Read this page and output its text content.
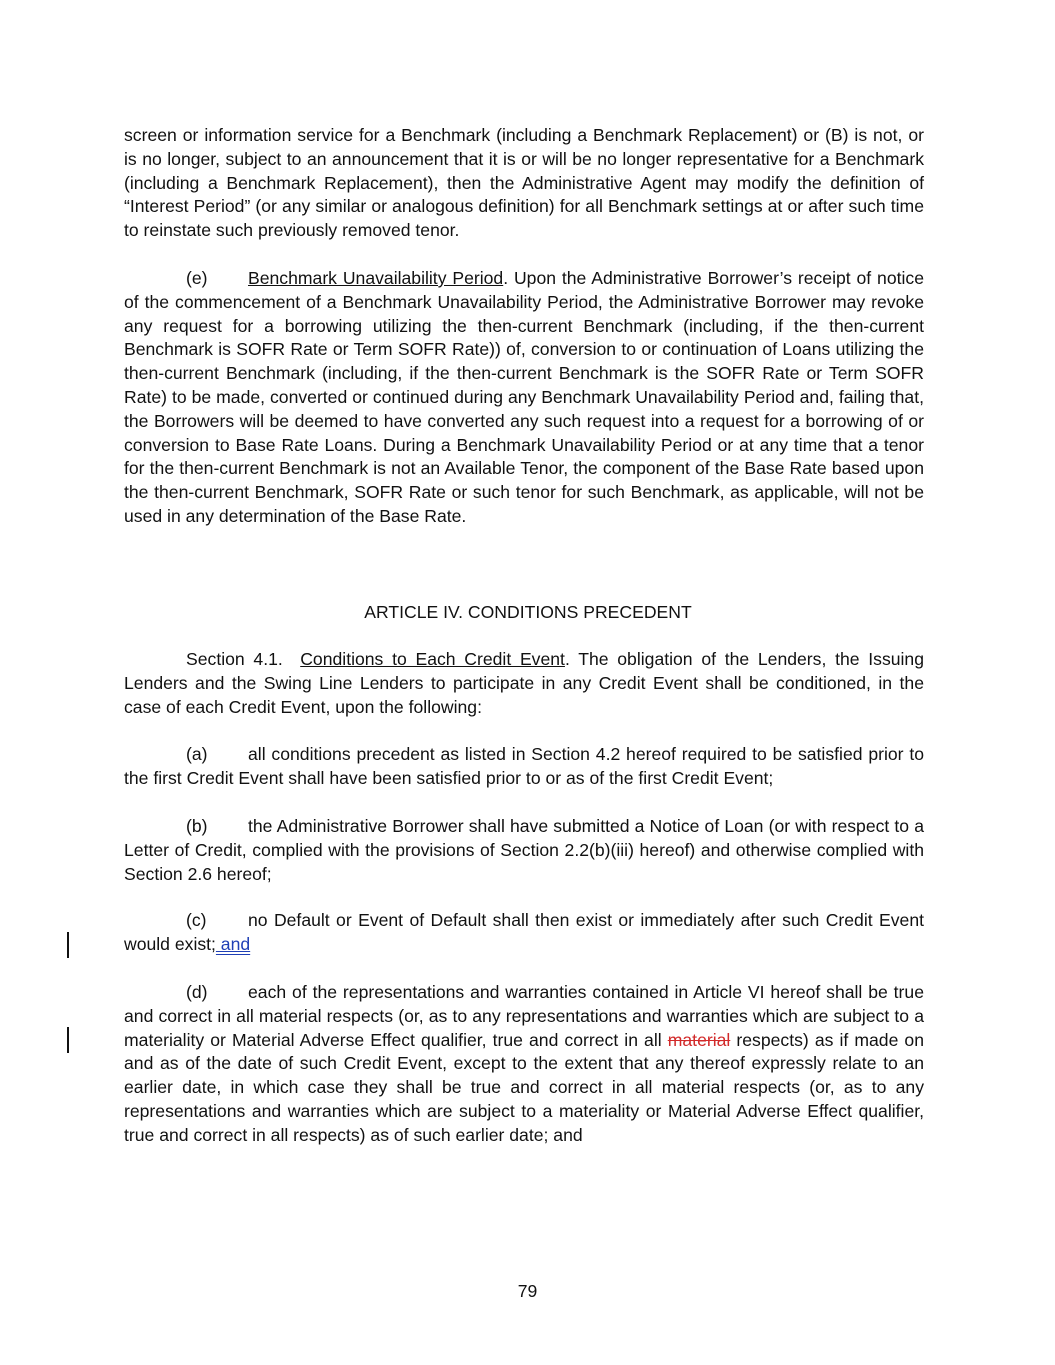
screen or information service for a Benchmark (including a Benchmark Replacement) or (B) is not, or is no longer, subject to an announcement that it is or will be no longer representative for a Benchmark (including a Benchmark Replacement), then the Administrative Agent may modify the definition of “Interest Period” (or any similar or analogous definition) for all Benchmark settings at or after such time to reinstate such previously removed tenor.

(e) Benchmark Unavailability Period. Upon the Administrative Borrower’s receipt of notice of the commencement of a Benchmark Unavailability Period, the Administrative Borrower may revoke any request for a borrowing utilizing the then-current Benchmark (including, if the then-current Benchmark is SOFR Rate or Term SOFR Rate)) of, conversion to or continuation of Loans utilizing the then-current Benchmark (including, if the then-current Benchmark is the SOFR Rate or Term SOFR Rate) to be made, converted or continued during any Benchmark Unavailability Period and, failing that, the Borrowers will be deemed to have converted any such request into a request for a borrowing of or conversion to Base Rate Loans. During a Benchmark Unavailability Period or at any time that a tenor for the then-current Benchmark is not an Available Tenor, the component of the Base Rate based upon the then-current Benchmark, SOFR Rate or such tenor for such Benchmark, as applicable, will not be used in any determination of the Base Rate.

ARTICLE IV. CONDITIONS PRECEDENT

Section 4.1. Conditions to Each Credit Event. The obligation of the Lenders, the Issuing Lenders and the Swing Line Lenders to participate in any Credit Event shall be conditioned, in the case of each Credit Event, upon the following:

(a) all conditions precedent as listed in Section 4.2 hereof required to be satisfied prior to the first Credit Event shall have been satisfied prior to or as of the first Credit Event;

(b) the Administrative Borrower shall have submitted a Notice of Loan (or with respect to a Letter of Credit, complied with the provisions of Section 2.2(b)(iii) hereof) and otherwise complied with Section 2.6 hereof;

(c) no Default or Event of Default shall then exist or immediately after such Credit Event would exist; and

(d) each of the representations and warranties contained in Article VI hereof shall be true and correct in all material respects (or, as to any representations and warranties which are subject to a materiality or Material Adverse Effect qualifier, true and correct in all material respects) as if made on and as of the date of such Credit Event, except to the extent that any thereof expressly relate to an earlier date, in which case they shall be true and correct in all material respects (or, as to any representations and warranties which are subject to a materiality or Material Adverse Effect qualifier, true and correct in all respects) as of such earlier date; and

79
